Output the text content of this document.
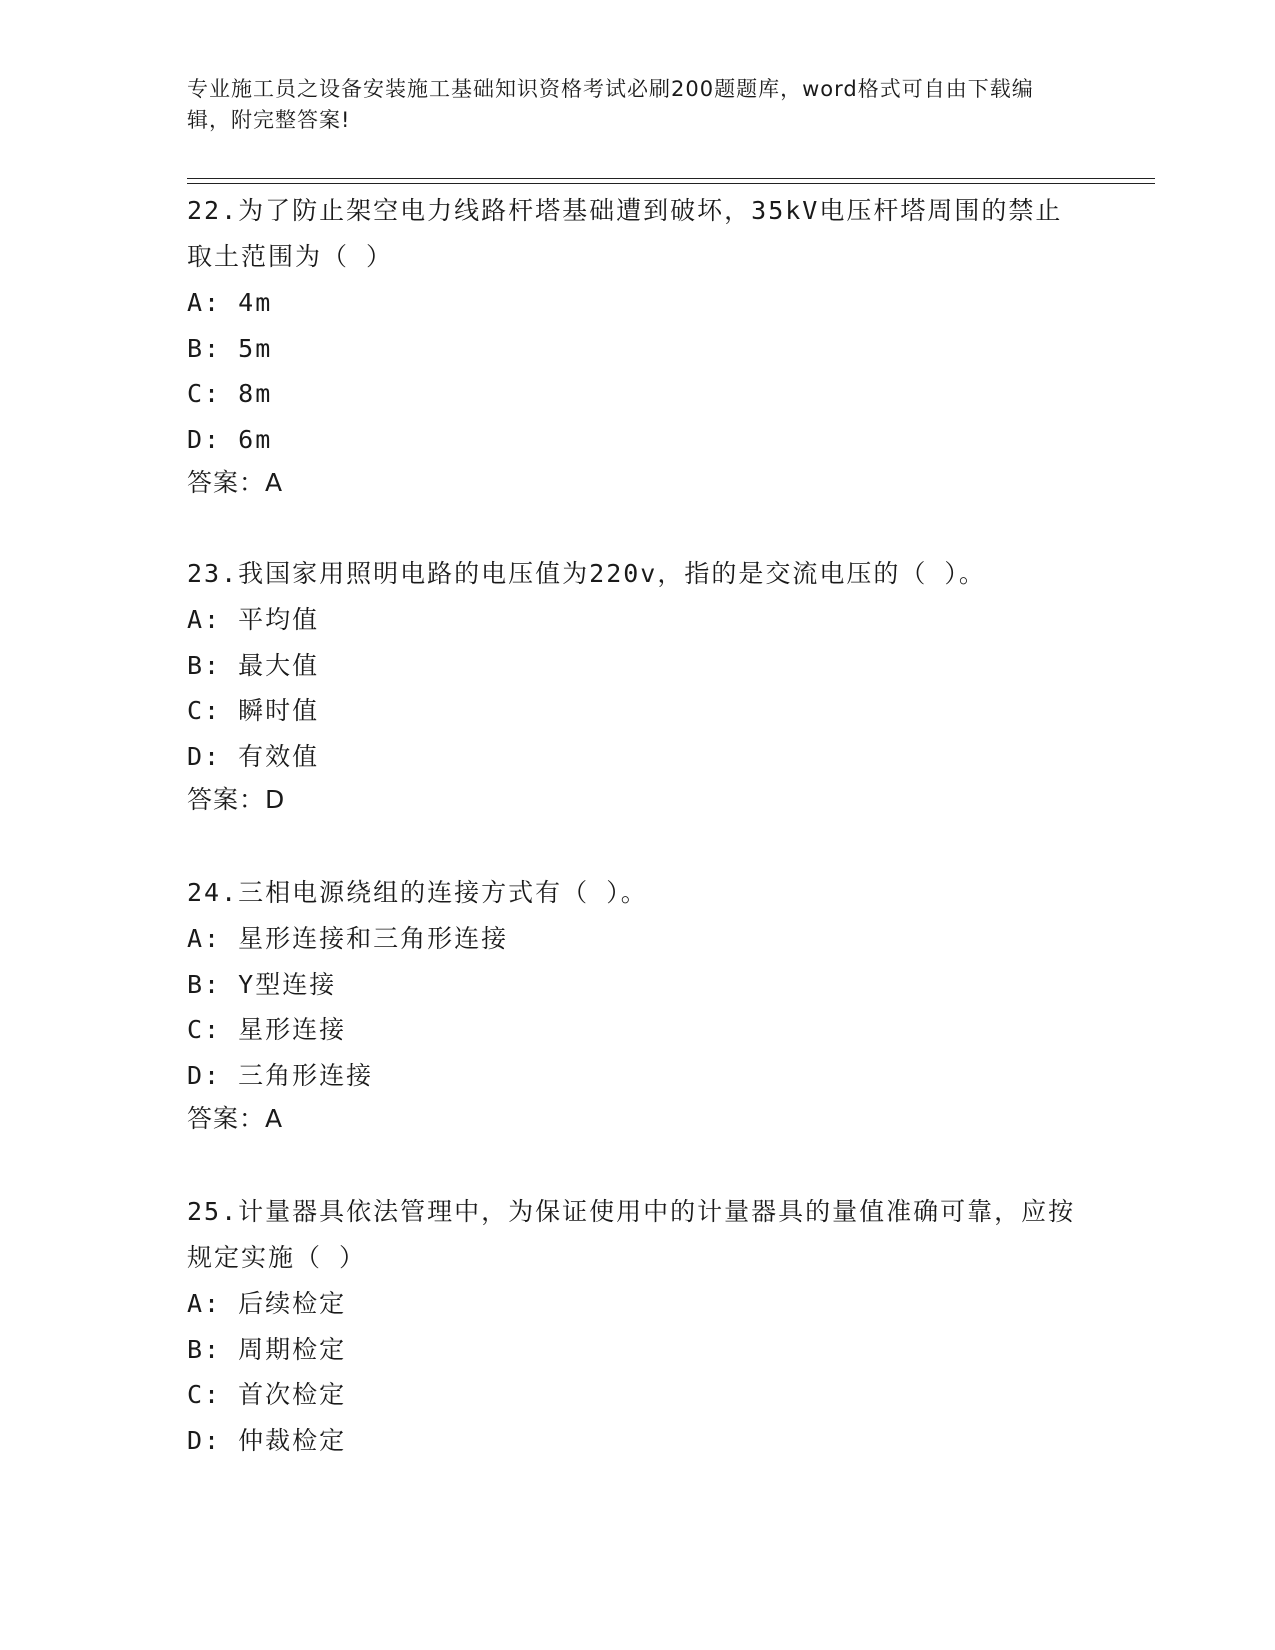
专业施工员之设备安装施工基础知识资格考试必刷200题题库，word格式可自由下载编辑，附完整答案!
22.为了防止架空电力线路杆塔基础遭到破坏，35kV电压杆塔周围的禁止取土范围为（ ）
A: 4m
B: 5m
C: 8m
D: 6m
答案：A
23.我国家用照明电路的电压值为220v，指的是交流电压的（ ）。
A: 平均值
B: 最大值
C: 瞬时值
D: 有效值
答案：D
24.三相电源绕组的连接方式有（ ）。
A: 星形连接和三角形连接
B: Y型连接
C: 星形连接
D: 三角形连接
答案：A
25.计量器具依法管理中，为保证使用中的计量器具的量值准确可靠，应按规定实施（ ）
A: 后续检定
B: 周期检定
C: 首次检定
D: 仲裁检定
